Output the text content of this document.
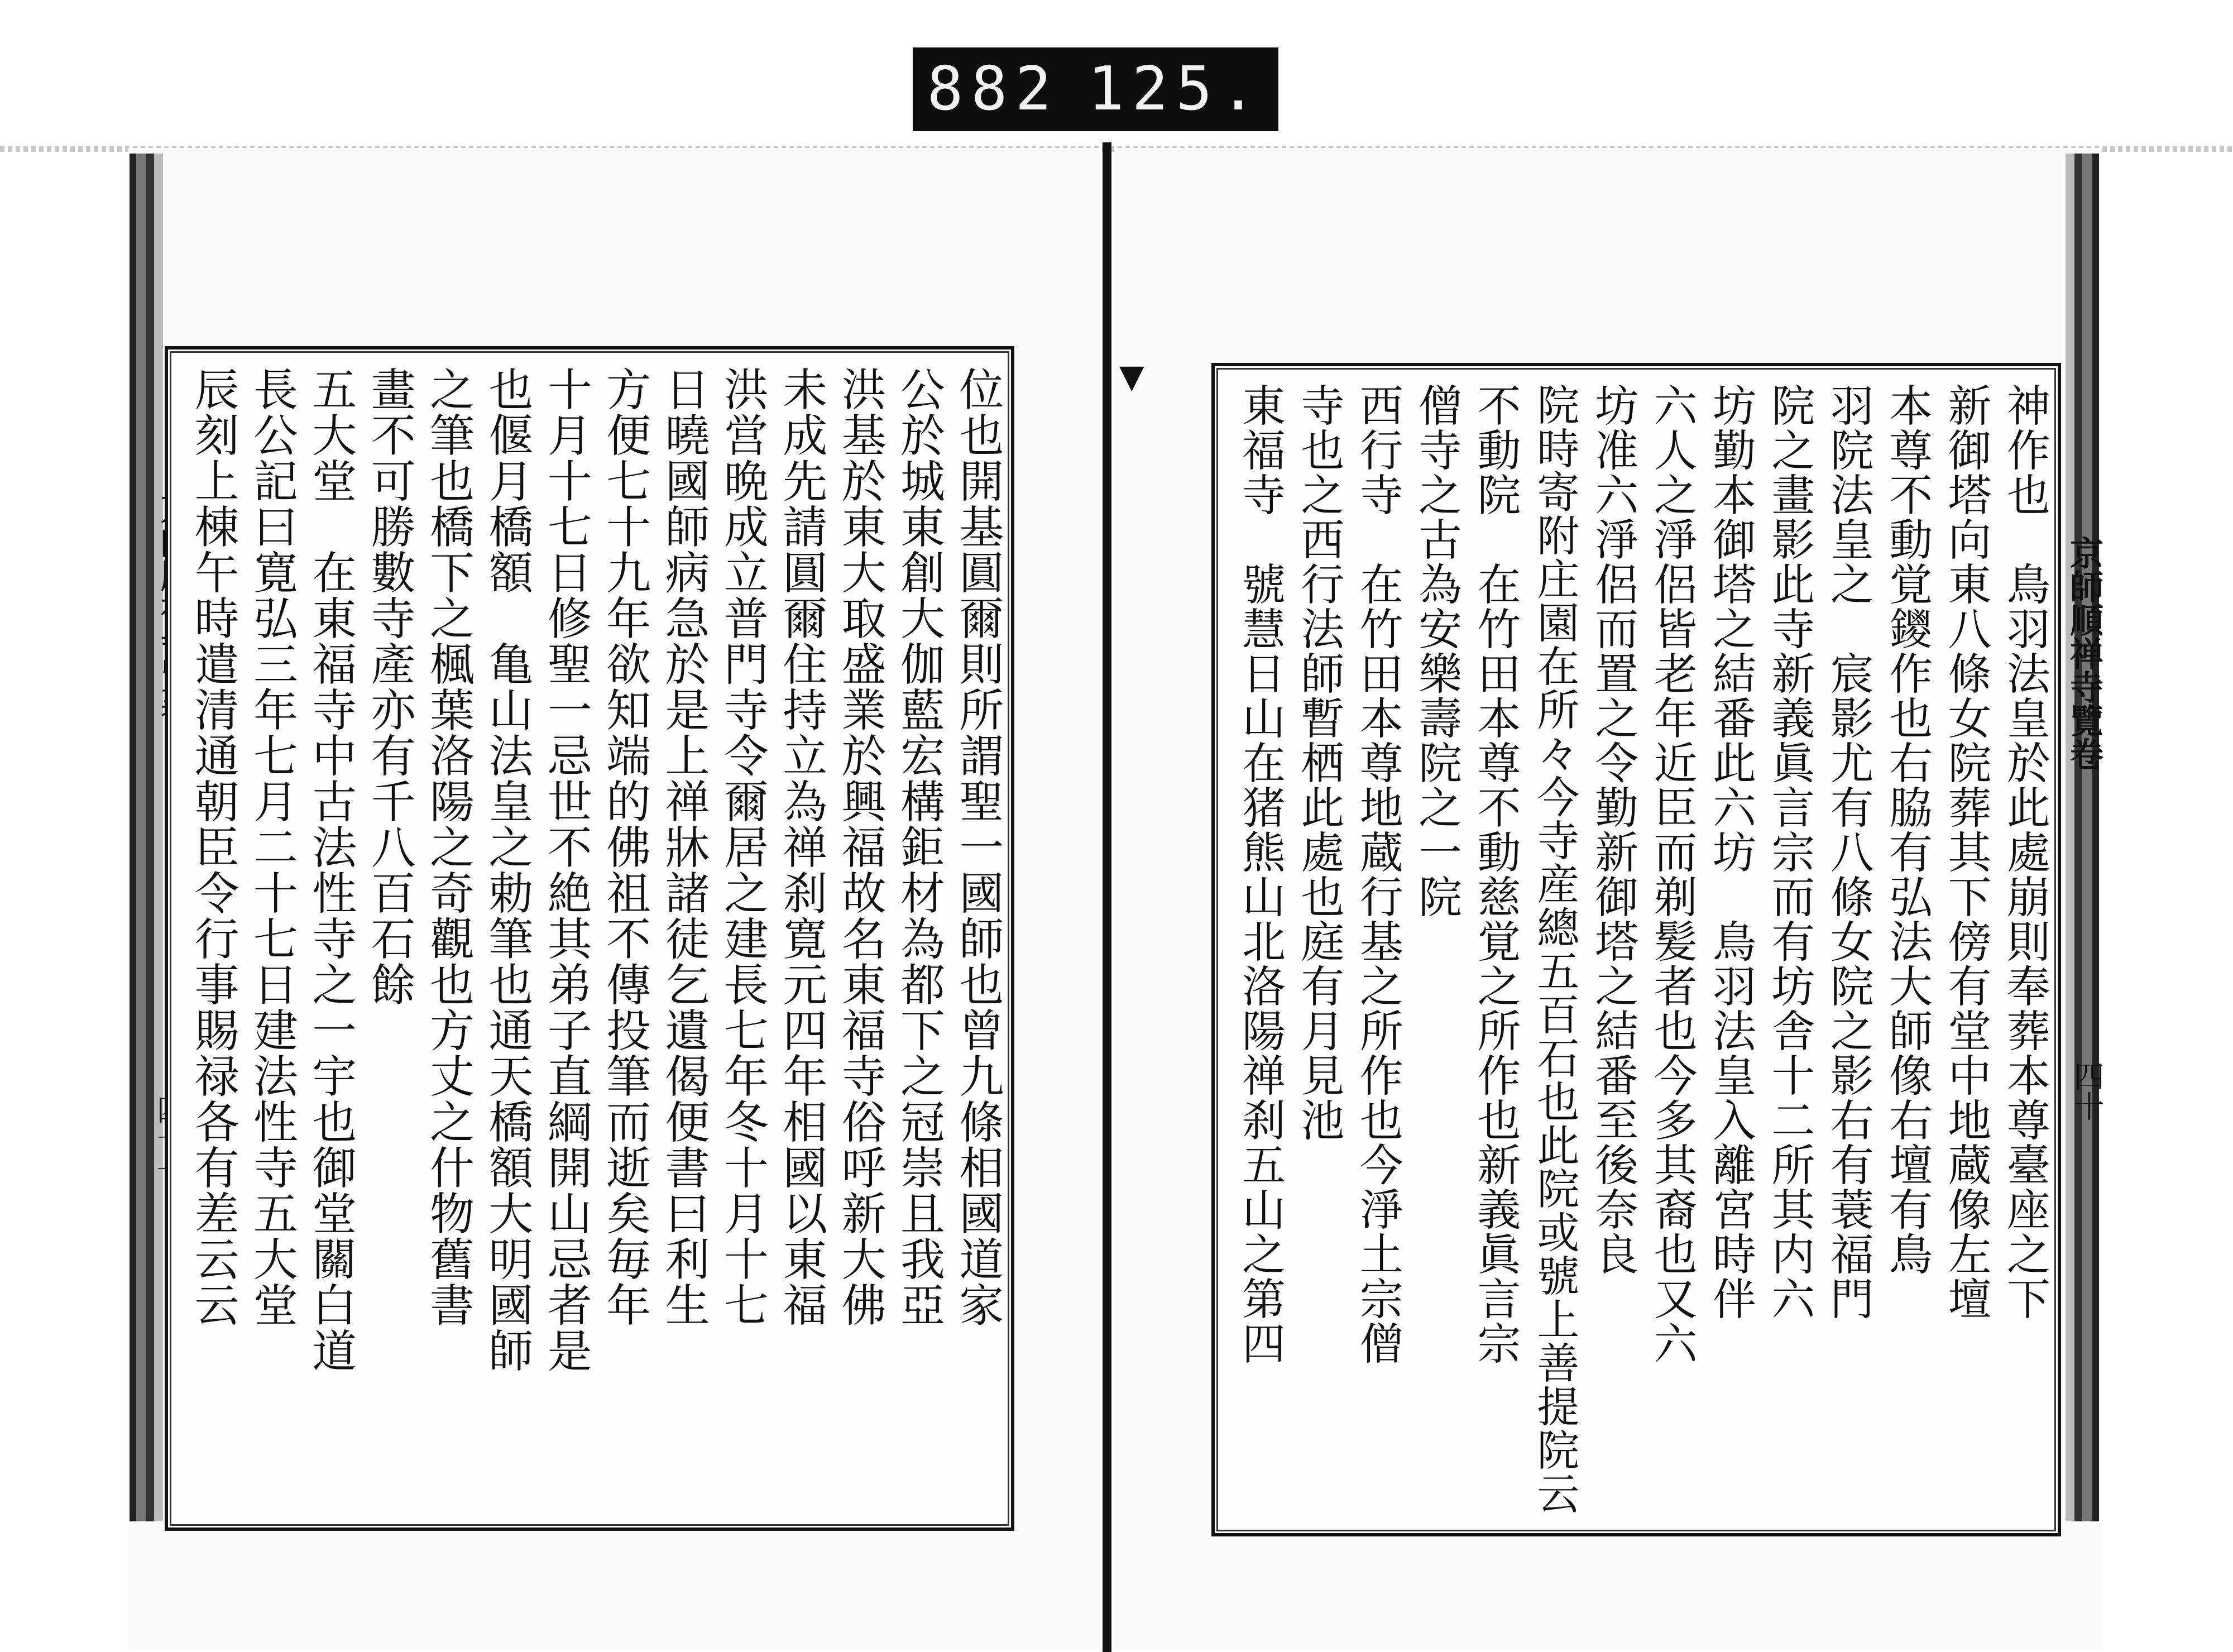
882 125.
▼
京師順禅寺覽卷
四十
位也開基圓爾則所謂聖一國師也曾九條相國道家
公於城東創大伽藍宏構鉅材為都下之冠崇且我亞
洪基於東大取盛業於興福故名東福寺俗呼新大佛
未成先請圓爾住持立為禅刹寛元四年相國以東福
洪営晩成立普門寺令爾居之建長七年冬十月十七
日曉國師病急於是上禅牀諸徒乞遺偈便書曰利生
方便七十九年欲知端的佛祖不傳投筆而逝矣毎年
十月十七日修聖一忌世不絶其弟子直綱開山忌者是
也偃月橋額　亀山法皇之勅筆也通天橋額大明國師
之筆也橋下之楓葉洛陽之奇觀也方丈之什物舊書
畫不可勝數寺產亦有千八百石餘
五大堂　在東福寺中古法性寺之一宇也御堂關白道
長公記曰寛弘三年七月二十七日建法性寺五大堂
辰刻上棟午時遣清通朝臣令行事賜禄各有差云云	神作也　鳥羽法皇於此處崩則奉葬本尊臺座之下
新御塔向東八條女院葬其下傍有堂中地蔵像左壇
本尊不動覚鑁作也右脇有弘法大師像右壇有鳥
羽院法皇之　宸影尤有八條女院之影右有蓑福門
院之畫影此寺新義眞言宗而有坊舎十二所其内六
坊勤本御塔之結番此六坊　鳥羽法皇入離宮時伴
六人之淨侶皆老年近臣而剃髪者也今多其裔也又六
坊准六淨侶而置之令勤新御塔之結番至後奈良
院時寄附庄園在所々今寺産總五百石也此院或號上善提院云
不動院　在竹田本尊不動慈覚之所作也新義眞言宗
僧寺之古為安樂壽院之一院
西行寺　在竹田本尊地蔵行基之所作也今淨土宗僧
寺也之西行法師暫栖此處也庭有月見池
東福寺　號慧日山在猪熊山北洛陽禅刹五山之第四
